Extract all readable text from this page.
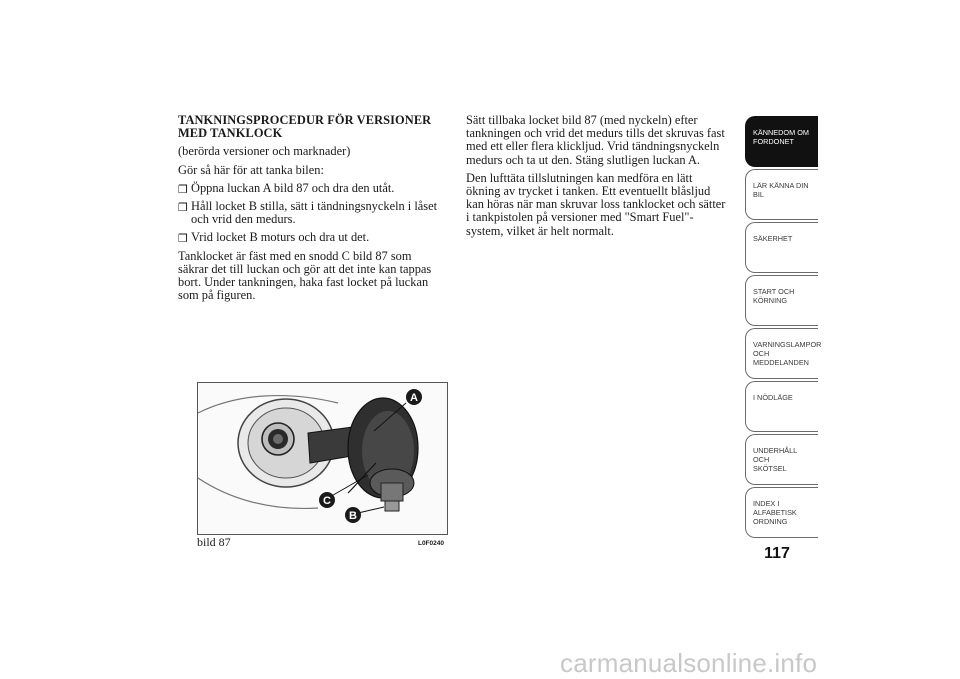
TANKNINGSPROCEDUR FÖR VERSIONER
MED TANKLOCK

(berörda versioner och marknader)

Gör så här för att tanka bilen:

❒ Öppna luckan A bild 87 och dra den utåt.

❒ Håll locket B stilla, sätt i tändningsnyckeln i låset och vrid den medurs.

❒ Vrid locket B moturs och dra ut det.

Tanklocket är fäst med en snodd C bild 87 som säkrar det till luckan och gör att det inte kan tappas bort. Under tankningen, haka fast locket på luckan som på figuren.

Sätt tillbaka locket bild 87 (med nyckeln) efter tankningen och vrid det medurs tills det skruvas fast med ett eller flera klickljud. Vrid tändningsnyckeln medurs och ta ut den. Stäng slutligen luckan A.

Den lufttäta tillslutningen kan medföra en lätt ökning av trycket i tanken. Ett eventuellt blåsljud kan höras när man skruvar loss tanklocket och sätter i tankpistolen på versioner med "Smart Fuel"-system, vilket är helt normalt.

A
C
B
bild 87	L0F0240
KÄNNEDOM OM
FORDONET
LÄR KÄNNA DIN
BIL
SÄKERHET
START OCH
KÖRNING
VARNINGSLAMPOR
OCH
MEDDELANDEN
I NÖDLÄGE
UNDERHÅLL OCH
SKÖTSEL
INDEX I
ALFABETISK
ORDNING
117
carmanualsonline.info
